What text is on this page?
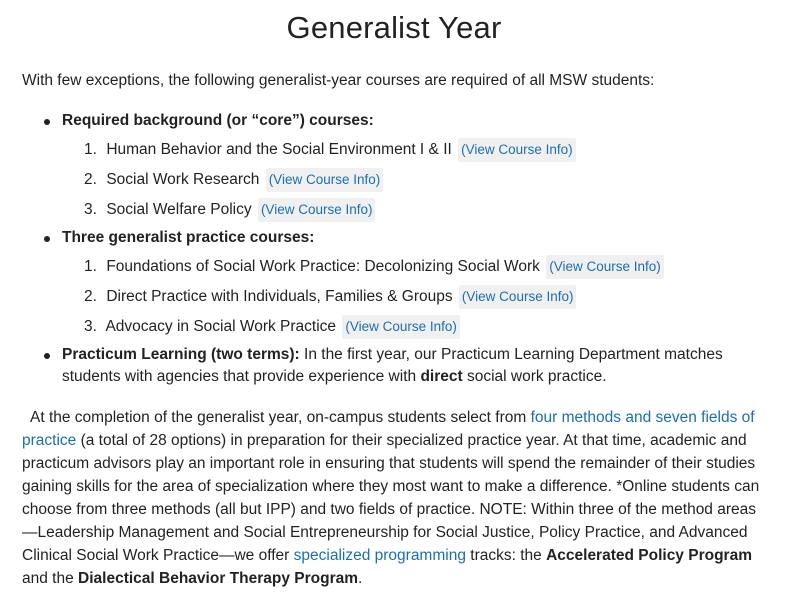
Generalist Year

With few exceptions, the following generalist-year courses are required of all MSW students:

Required background (or “core”) courses:
1. Human Behavior and the Social Environment I & II (View Course Info)
2. Social Work Research (View Course Info)
3. Social Welfare Policy (View Course Info)
Three generalist practice courses:
1. Foundations of Social Work Practice: Decolonizing Social Work (View Course Info)
2. Direct Practice with Individuals, Families & Groups (View Course Info)
3. Advocacy in Social Work Practice (View Course Info)
Practicum Learning (two terms): In the first year, our Practicum Learning Department matches students with agencies that provide experience with direct social work practice.

At the completion of the generalist year, on-campus students select from four methods and seven fields of practice (a total of 28 options) in preparation for their specialized practice year. At that time, academic and practicum advisors play an important role in ensuring that students will spend the remainder of their studies gaining skills for the area of specialization where they most want to make a difference. *Online students can choose from three methods (all but IPP) and two fields of practice. NOTE: Within three of the method areas—Leadership Management and Social Entrepreneurship for Social Justice, Policy Practice, and Advanced Clinical Social Work Practice—we offer specialized programming tracks: the Accelerated Policy Program and the Dialectical Behavior Therapy Program.
